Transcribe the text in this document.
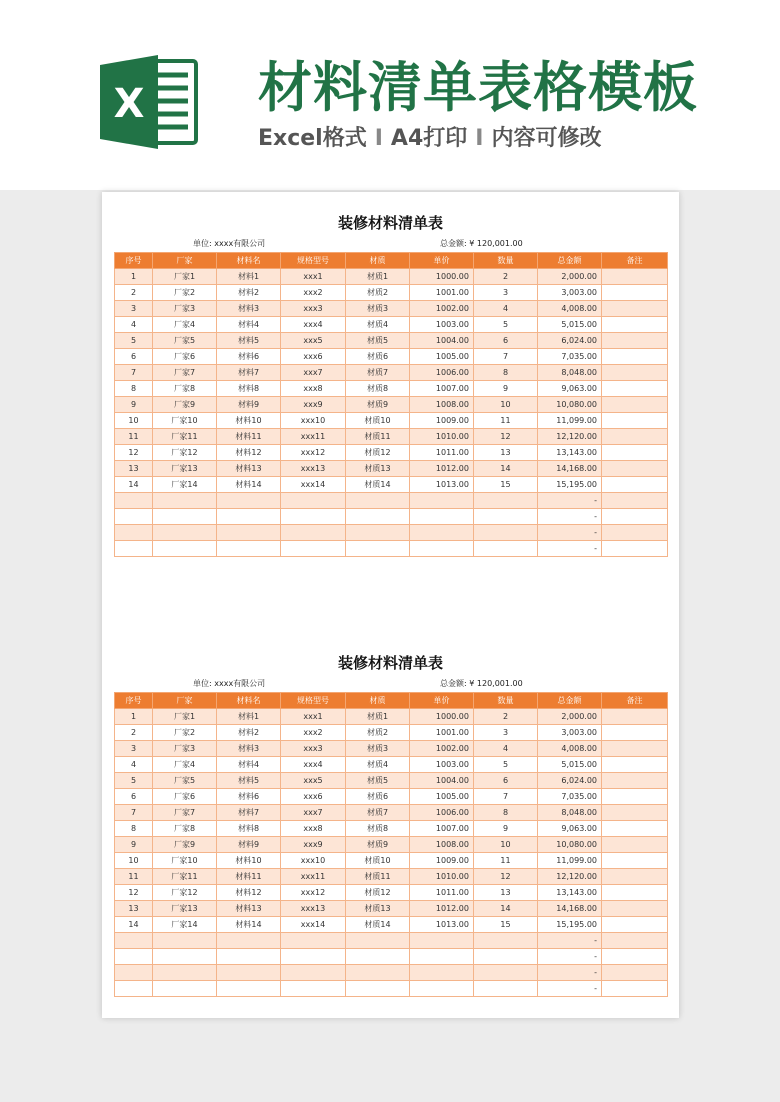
X 材料清单表格模板
Excel格式 I A4打印 I 内容可修改
装修材料清单表
单位: xxxx有限公司	总金额: ¥ 120,001.00
序号	厂家	材料名	规格型号	材质	单价	数量	总金额	备注
1	厂家1	材料1	xxx1	材质1	1000.00	2	2,000.00	
2	厂家2	材料2	xxx2	材质2	1001.00	3	3,003.00	
3	厂家3	材料3	xxx3	材质3	1002.00	4	4,008.00	
4	厂家4	材料4	xxx4	材质4	1003.00	5	5,015.00	
5	厂家5	材料5	xxx5	材质5	1004.00	6	6,024.00	
6	厂家6	材料6	xxx6	材质6	1005.00	7	7,035.00	
7	厂家7	材料7	xxx7	材质7	1006.00	8	8,048.00	
8	厂家8	材料8	xxx8	材质8	1007.00	9	9,063.00	
9	厂家9	材料9	xxx9	材质9	1008.00	10	10,080.00	
10	厂家10	材料10	xxx10	材质10	1009.00	11	11,099.00	
11	厂家11	材料11	xxx11	材质11	1010.00	12	12,120.00	
12	厂家12	材料12	xxx12	材质12	1011.00	13	13,143.00	
13	厂家13	材料13	xxx13	材质13	1012.00	14	14,168.00	
14	厂家14	材料14	xxx14	材质14	1013.00	15	15,195.00	
							-	
							-	
							-	
							-	
装修材料清单表
单位: xxxx有限公司	总金额: ¥ 120,001.00
序号	厂家	材料名	规格型号	材质	单价	数量	总金额	备注
1	厂家1	材料1	xxx1	材质1	1000.00	2	2,000.00	
2	厂家2	材料2	xxx2	材质2	1001.00	3	3,003.00	
3	厂家3	材料3	xxx3	材质3	1002.00	4	4,008.00	
4	厂家4	材料4	xxx4	材质4	1003.00	5	5,015.00	
5	厂家5	材料5	xxx5	材质5	1004.00	6	6,024.00	
6	厂家6	材料6	xxx6	材质6	1005.00	7	7,035.00	
7	厂家7	材料7	xxx7	材质7	1006.00	8	8,048.00	
8	厂家8	材料8	xxx8	材质8	1007.00	9	9,063.00	
9	厂家9	材料9	xxx9	材质9	1008.00	10	10,080.00	
10	厂家10	材料10	xxx10	材质10	1009.00	11	11,099.00	
11	厂家11	材料11	xxx11	材质11	1010.00	12	12,120.00	
12	厂家12	材料12	xxx12	材质12	1011.00	13	13,143.00	
13	厂家13	材料13	xxx13	材质13	1012.00	14	14,168.00	
14	厂家14	材料14	xxx14	材质14	1013.00	15	15,195.00	
							-	
							-	
							-	
							-	
